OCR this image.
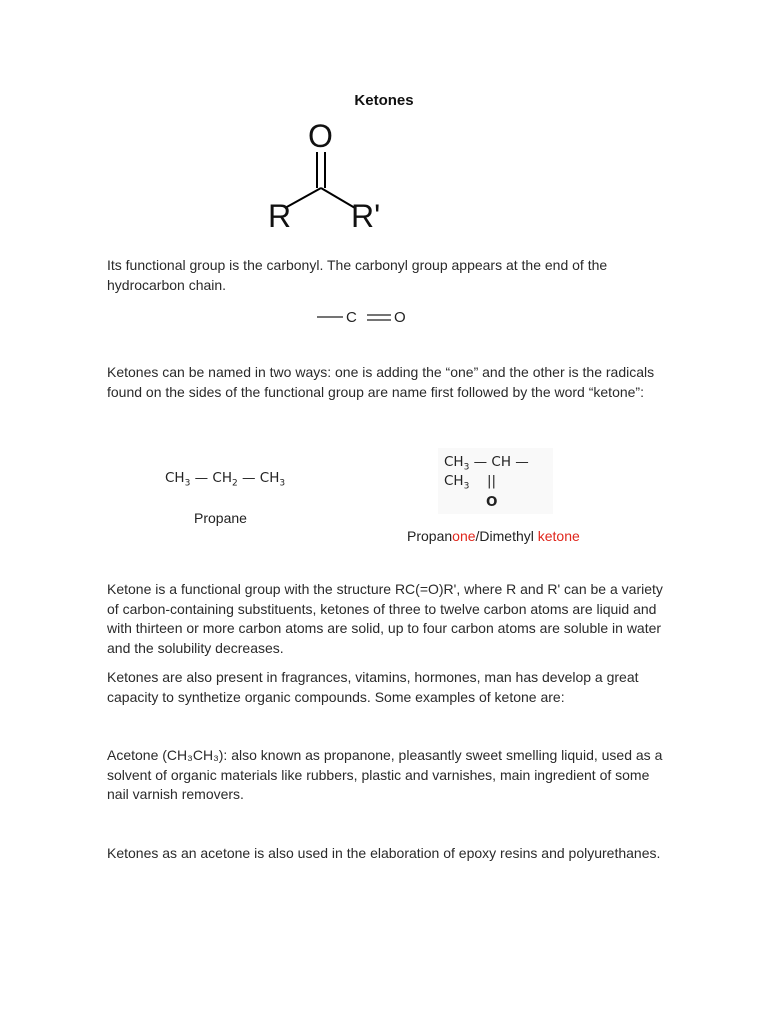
Ketones
O
R R'
Its functional group is the carbonyl. The carbonyl group appears at the end of the hydrocarbon chain.
C O
Ketones can be named in two ways: one is adding the “one” and the other is the radicals found on the sides of the functional group are name first followed by the word “ketone”:
$CH_3$ — $CH_2$ — $CH_3$
Propane
$CH_3$ — CH — $CH_3$	||
O
Propanone/Dimethyl ketone
Ketone is a functional group with the structure RC(=O)R', where R and R' can be a variety of carbon-containing substituents, ketones of three to twelve carbon atoms are liquid and with thirteen or more carbon atoms are solid, up to four carbon atoms are soluble in water and the solubility decreases.
Ketones are also present in fragrances, vitamins, hormones, man has develop a great capacity to synthetize organic compounds. Some examples of ketone are:
Acetone (CH₃CH₃): also known as propanone, pleasantly sweet smelling liquid, used as a solvent of organic materials like rubbers, plastic and varnishes, main ingredient of some nail varnish removers.
Ketones as an acetone is also used in the elaboration of epoxy resins and polyurethanes.
